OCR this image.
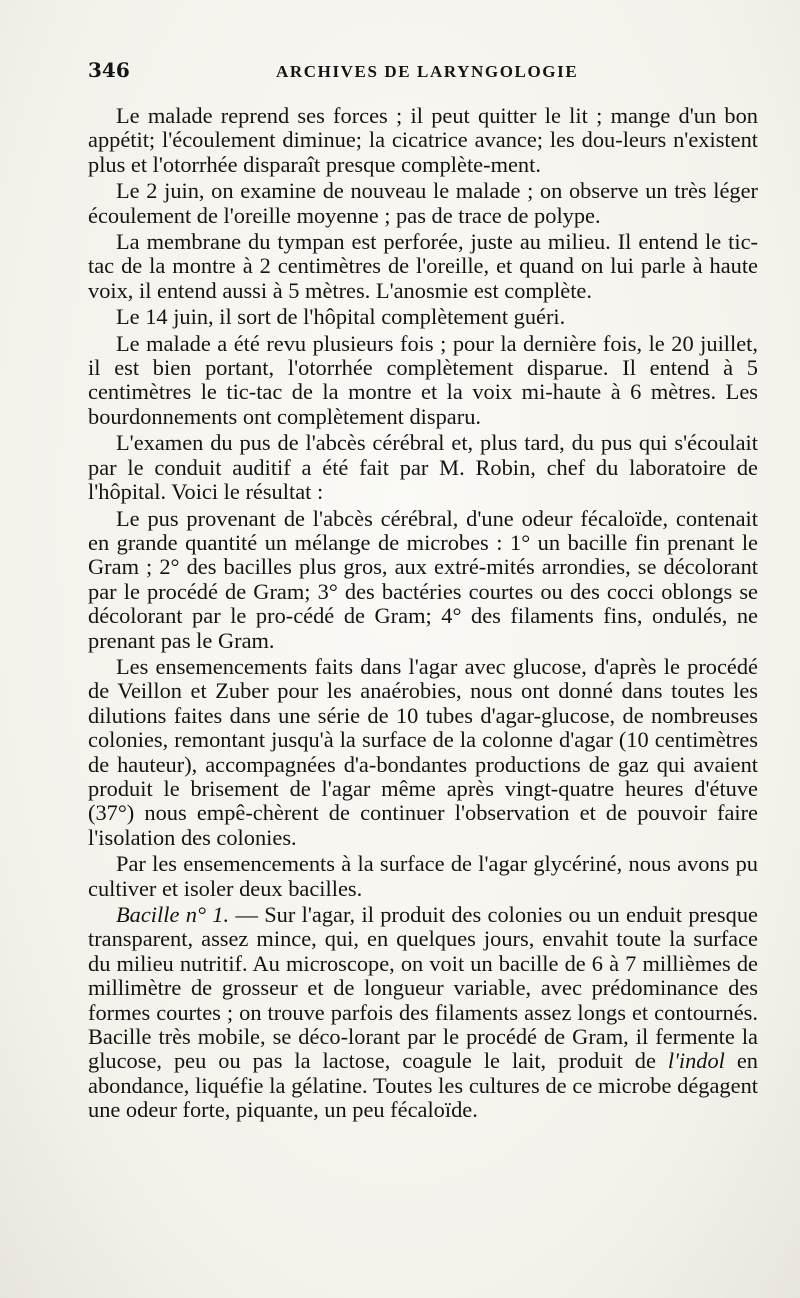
346	ARCHIVES DE LARYNGOLOGIE

Le malade reprend ses forces ; il peut quitter le lit ; mange d'un bon appétit; l'écoulement diminue; la cicatrice avance; les dou-leurs n'existent plus et l'otorrhée disparaît presque complète-ment.

Le 2 juin, on examine de nouveau le malade ; on observe un très léger écoulement de l'oreille moyenne ; pas de trace de polype.

La membrane du tympan est perforée, juste au milieu. Il entend le tic-tac de la montre à 2 centimètres de l'oreille, et quand on lui parle à haute voix, il entend aussi à 5 mètres. L'anosmie est complète.

Le 14 juin, il sort de l'hôpital complètement guéri.

Le malade a été revu plusieurs fois ; pour la dernière fois, le 20 juillet, il est bien portant, l'otorrhée complètement disparue. Il entend à 5 centimètres le tic-tac de la montre et la voix mi-haute à 6 mètres. Les bourdonnements ont complètement disparu.

L'examen du pus de l'abcès cérébral et, plus tard, du pus qui s'écoulait par le conduit auditif a été fait par M. Robin, chef du laboratoire de l'hôpital. Voici le résultat :

Le pus provenant de l'abcès cérébral, d'une odeur fécaloïde, contenait en grande quantité un mélange de microbes : 1° un bacille fin prenant le Gram ; 2° des bacilles plus gros, aux extré-mités arrondies, se décolorant par le procédé de Gram; 3° des bactéries courtes ou des cocci oblongs se décolorant par le pro-cédé de Gram; 4° des filaments fins, ondulés, ne prenant pas le Gram.

Les ensemencements faits dans l'agar avec glucose, d'après le procédé de Veillon et Zuber pour les anaérobies, nous ont donné dans toutes les dilutions faites dans une série de 10 tubes d'agar-glucose, de nombreuses colonies, remontant jusqu'à la surface de la colonne d'agar (10 centimètres de hauteur), accompagnées d'a-bondantes productions de gaz qui avaient produit le brisement de l'agar même après vingt-quatre heures d'étuve (37°) nous empê-chèrent de continuer l'observation et de pouvoir faire l'isolation des colonies.

Par les ensemencements à la surface de l'agar glycériné, nous avons pu cultiver et isoler deux bacilles.

Bacille n° 1. — Sur l'agar, il produit des colonies ou un enduit presque transparent, assez mince, qui, en quelques jours, envahit toute la surface du milieu nutritif. Au microscope, on voit un bacille de 6 à 7 millièmes de millimètre de grosseur et de longueur variable, avec prédominance des formes courtes ; on trouve parfois des filaments assez longs et contournés. Bacille très mobile, se déco-lorant par le procédé de Gram, il fermente la glucose, peu ou pas la lactose, coagule le lait, produit de l'indol en abondance, liquéfie la gélatine. Toutes les cultures de ce microbe dégagent une odeur forte, piquante, un peu fécaloïde.
